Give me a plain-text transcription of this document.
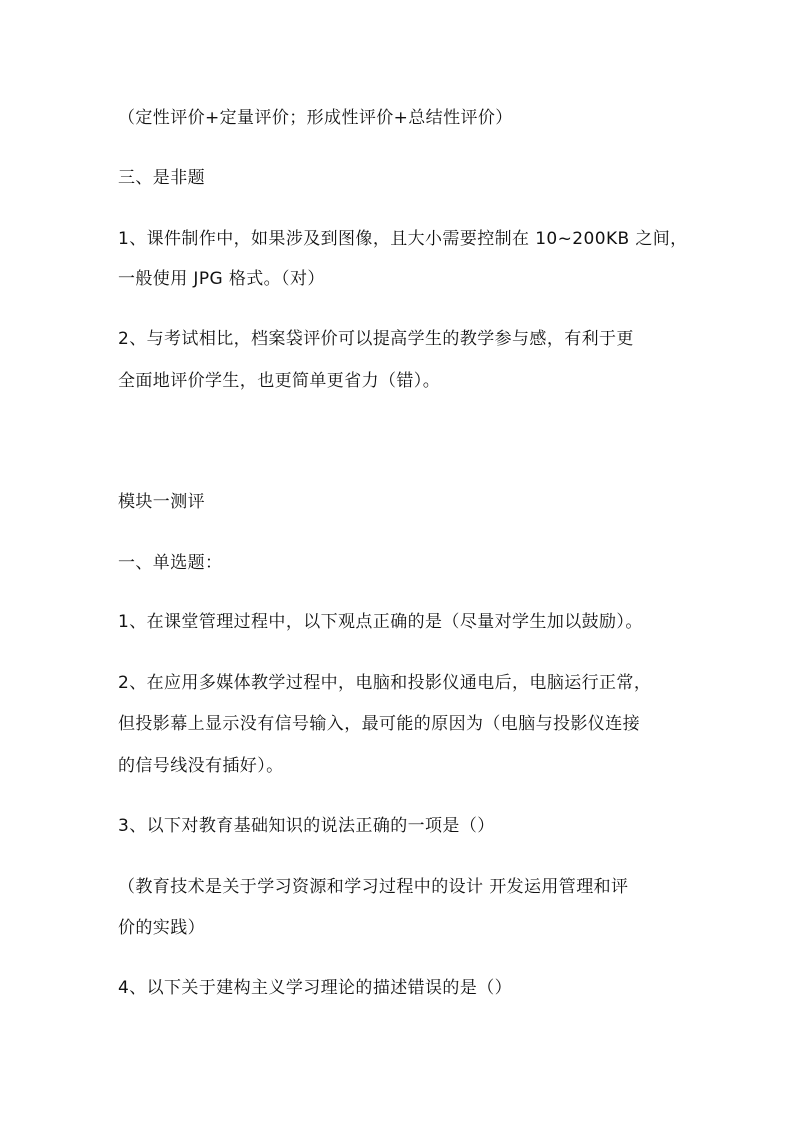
（定性评价+定量评价；形成性评价+总结性评价）
三、是非题
1、课件制作中，如果涉及到图像，且大小需要控制在 10~200KB 之间，
一般使用 JPG 格式。（对）
2、与考试相比，档案袋评价可以提高学生的教学参与感，有利于更
全面地评价学生，也更简单更省力（错）。
模块一测评
一、单选题：
1、在课堂管理过程中，以下观点正确的是（尽量对学生加以鼓励）。
2、在应用多媒体教学过程中，电脑和投影仪通电后，电脑运行正常，
但投影幕上显示没有信号输入，最可能的原因为（电脑与投影仪连接
的信号线没有插好）。
3、以下对教育基础知识的说法正确的一项是（）
（教育技术是关于学习资源和学习过程中的设计 开发运用管理和评
价的实践）
4、以下关于建构主义学习理论的描述错误的是（）
